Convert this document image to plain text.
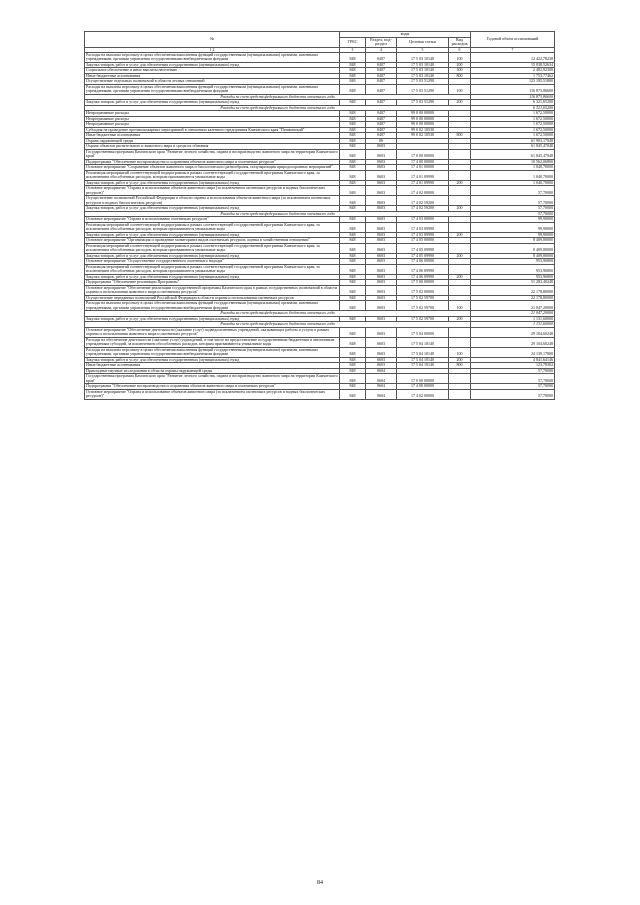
№	коды				Годовой объем ассигнований
	ГРБС	Раздел, под-раздел	Целевая статья	Вид расходов	
1 2	3	4	5	6	7
Расходы на выплаты персоналу в целях обеспечения выполнения функций государственными (муниципальными) органами, казенными учреждениями, органами управления государственными внебюджетными фондами	848	0407	17 5 03 10140	100	12 422,78238
Закупка товаров, работ и услуг для обеспечения государственных (муниципальных) нужд	848	0407	17 5 03 10140	200	15 038,52634
Социальное обеспечение и иные выплаты населению	848	0407	17 5 03 10140	300	2 482,92308
Иные бюджетные ассигнования	848	0407	17 5 03 10140	800	1 753,77462
Осуществление отдельных полномочий в области лесных отношений	848	0407	17 5 03 51290		123 195,51800
Расходы на выплаты персоналу в целях обеспечения выполнения функций государственными (муниципальными) органами, казенными учреждениями, органами управления государственными внебюджетными фондами	848	0407	17 5 03 51290	100	116 873,86600
Расходы за счет средств федерального бюджета отчетного года					116 873,86600
Закупка товаров, работ и услуг для обеспечения государственных (муниципальных) нужд	848	0407	17 5 03 51290	200	6 321,65200
Расходы за счет средств федерального бюджета отчетного года					6 321,65200
Непрограммные расходы	848	0407	99 0 00 00000		1 672,50000
Непрограммные расходы	848	0407	99 0 00 00000		1 672,50000
Непрограммные расходы	848	0407	99 0 00 00000		1 672,50000
Субсидия на проведение противопожарных мероприятий в отношении казенного предприятия Камчатского края "Пенжинский"	848	0407	99 0 02 10530		1 672,50000
Иные бюджетные ассигнования	848	0407	99 0 02 10530	800	1 672,50000
Охрана окружающей среды	848	06			61 903,17048
Охрана объектов растительного и животного мира и среды их обитания	848	0603			61 845,47048
Государственная программа Камчатского края "Развитие лесного хозяйства, охрана и воспроизводство животного мира на территории Камчатского края"	848	0603	17 0 00 00000		61 845,47048
Подпрограмма "Обеспечение воспроизводства и сохранения объектов животного мира и охотничьих ресурсов"	848	0603	17 4 00 00000		10 562,06800
Основное мероприятие "Сохранение объектов животного мира и биологического разнообразия, популяризация природоохранных мероприятий"	848	0603	17 4 01 00000		1 040,70000
Реализация мероприятий соответствующей подпрограммы в рамках соответствующей государственной программы Камчатского края, за исключением обособленных расходов, которым присваиваются уникальные коды	848	0603	17 4 01 09990		1 040,70000
Закупка товаров, работ и услуг для обеспечения государственных (муниципальных) нужд	848	0603	17 4 01 09990	200	1 040,70000
Основное мероприятие "Охрана и использование объектов животного мира (за исключением охотничьих ресурсов и водных биологических ресурсов)"	848	0603	17 4 02 00000		57,70000
Осуществление полномочий Российской Федерации в области охраны и использования объектов животного мира (за исключением охотничьих ресурсов и водных биологических ресурсов)	848	0603	17 4 02 59200		57,70000
Закупка товаров, работ и услуг для обеспечения государственных (муниципальных) нужд	848	0603	17 4 02 59200	200	57,70000
Расходы за счет средств федерального бюджета отчетного года					57,70000
Основное мероприятие "Охрана и использование охотничьих ресурсов"	848	0603	17 4 03 00000		99,90000
Реализация мероприятий соответствующей подпрограммы в рамках соответствующей государственной программы Камчатского края, за исключением обособленных расходов, которым присваиваются уникальные коды	848	0603	17 4 03 09990		99,90000
Закупка товаров, работ и услуг для обеспечения государственных (муниципальных) нужд	848	0603	17 4 03 09990	200	99,90000
Основное мероприятие "Организация и проведение мониторинга видов охотничьих ресурсов, оценка в хозяйственном отношении"	848	0603	17 4 05 00000		8 409,80000
Реализация мероприятий соответствующей подпрограммы в рамках соответствующей государственной программы Камчатского края, за исключением обособленных расходов, которым присваиваются уникальные коды	848	0603	17 4 05 09990		8 409,80000
Закупка товаров, работ и услуг для обеспечения государственных (муниципальных) нужд	848	0603	17 4 05 09990	200	8 409,80000
Основное мероприятие "Осуществление государственного охотничьего надзора"	848	0603	17 4 06 00000		953,96800
Реализация мероприятий соответствующей подпрограммы в рамках соответствующей государственной программы Камчатского края, за исключением обособленных расходов, которым присваиваются уникальные коды	848	0603	17 4 06 09990		953,96800
Закупка товаров, работ и услуг для обеспечения государственных (муниципальных) нужд	848	0603	17 4 06 09990	200	953,96800
Подпрограмма "Обеспечение реализации Программы"	848	0603	17 5 00 00000		51 283,40248
Основное мероприятие "Обеспечение реализации государственной программы Камчатского края в рамках государственных полномочий в области охраны и использования животного мира и охотничьих ресурсов"	848	0603	17 5 02 00000		22 178,80000
Осуществление переданных полномочий Российской Федерации в области охраны и использования охотничьих ресурсов	848	0603	17 5 02 59700		22 178,80000
Расходы на выплаты персоналу в целях обеспечения выполнения функций государственными (муниципальными) органами, казенными учреждениями, органами управления государственными внебюджетными фондами	848	0603	17 5 02 59700	100	21 047,20000
Расходы за счет средств федерального бюджета отчетного года					21 047,20000
Закупка товаров, работ и услуг для обеспечения государственных (муниципальных) нужд	848	0603	17 5 02 59700	200	1 131,60000
Расходы за счет средств федерального бюджета отчетного года					1 131,60000
Основное мероприятие "Обеспечение деятельности (оказание услуг) подведомственных учреждений, оказывающих работы и услуги в рамках охраны и использования животного мира и охотничьих ресурсов"	848	0603	17 5 04 00000		29 104,60248
Расходы на обеспечение деятельности (оказание услуг) учреждений, в том числе на предоставление государственным бюджетным и автономным учреждениям субсидий, за исключением обособленных расходов, которым присваиваются уникальные коды	848	0603	17 5 04 10140		29 104,60248
Расходы на выплаты персоналу в целях обеспечения выполнения функций государственными (муниципальными) органами, казенными учреждениями, органами управления государственными внебюджетными фондами	848	0603	17 5 04 10140	100	24 139,17800
Закупка товаров, работ и услуг для обеспечения государственных (муниципальных) нужд	848	0603	17 5 04 10140	200	4 841,64146
Иные бюджетные ассигнования	848	0603	17 5 04 10140	800	123,78302
Прикладные научные исследования в области охраны окружающей среды	848	0604			57,70000
Государственная программа Камчатского края "Развитие лесного хозяйства, охрана и воспроизводство животного мира на территории Камчатского края"	848	0604	17 0 00 00000		57,70000
Подпрограмма "Обеспечение воспроизводства и сохранения объектов животного мира и охотничьих ресурсов"	848	0604	17 4 00 00000		57,70000
Основное мероприятие "Охрана и использование объектов животного мира (за исключением охотничьих ресурсов и водных биологических ресурсов)"	848	0604	17 4 02 00000		57,70000
84
